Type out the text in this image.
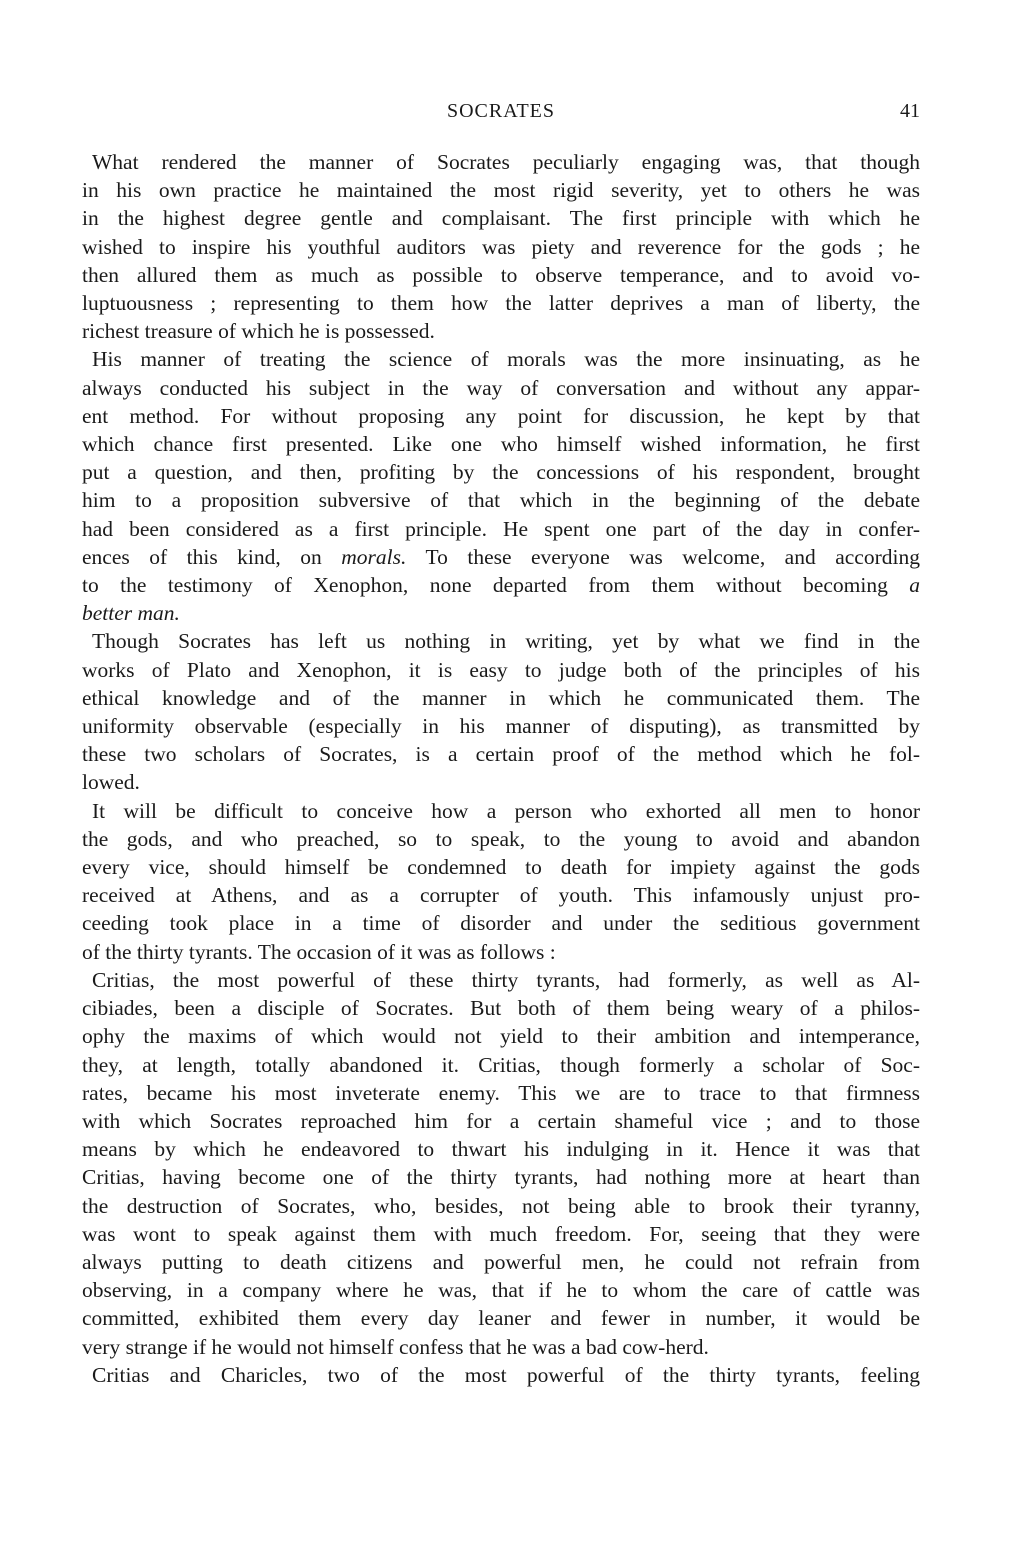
SOCRATES	41
What rendered the manner of Socrates peculiarly engaging was, that though
in his own practice he maintained the most rigid severity, yet to others he was
in the highest degree gentle and complaisant. The first principle with which he
wished to inspire his youthful auditors was piety and reverence for the gods ; he
then allured them as much as possible to observe temperance, and to avoid vo-
luptuousness ; representing to them how the latter deprives a man of liberty, the
richest treasure of which he is possessed.
His manner of treating the science of morals was the more insinuating, as he
always conducted his subject in the way of conversation and without any appar-
ent method. For without proposing any point for discussion, he kept by that
which chance first presented. Like one who himself wished information, he first
put a question, and then, profiting by the concessions of his respondent, brought
him to a proposition subversive of that which in the beginning of the debate
had been considered as a first principle. He spent one part of the day in confer-
ences of this kind, on morals. To these everyone was welcome, and according
to the testimony of Xenophon, none departed from them without becoming a
better man.
Though Socrates has left us nothing in writing, yet by what we find in the
works of Plato and Xenophon, it is easy to judge both of the principles of his
ethical knowledge and of the manner in which he communicated them. The
uniformity observable (especially in his manner of disputing), as transmitted by
these two scholars of Socrates, is a certain proof of the method which he fol-
lowed.
It will be difficult to conceive how a person who exhorted all men to honor
the gods, and who preached, so to speak, to the young to avoid and abandon
every vice, should himself be condemned to death for impiety against the gods
received at Athens, and as a corrupter of youth. This infamously unjust pro-
ceeding took place in a time of disorder and under the seditious government
of the thirty tyrants. The occasion of it was as follows :
Critias, the most powerful of these thirty tyrants, had formerly, as well as Al-
cibiades, been a disciple of Socrates. But both of them being weary of a philos-
ophy the maxims of which would not yield to their ambition and intemperance,
they, at length, totally abandoned it. Critias, though formerly a scholar of Soc-
rates, became his most inveterate enemy. This we are to trace to that firmness
with which Socrates reproached him for a certain shameful vice ; and to those
means by which he endeavored to thwart his indulging in it. Hence it was that
Critias, having become one of the thirty tyrants, had nothing more at heart than
the destruction of Socrates, who, besides, not being able to brook their tyranny,
was wont to speak against them with much freedom. For, seeing that they were
always putting to death citizens and powerful men, he could not refrain from
observing, in a company where he was, that if he to whom the care of cattle was
committed, exhibited them every day leaner and fewer in number, it would be
very strange if he would not himself confess that he was a bad cow-herd.
Critias and Charicles, two of the most powerful of the thirty tyrants, feeling
